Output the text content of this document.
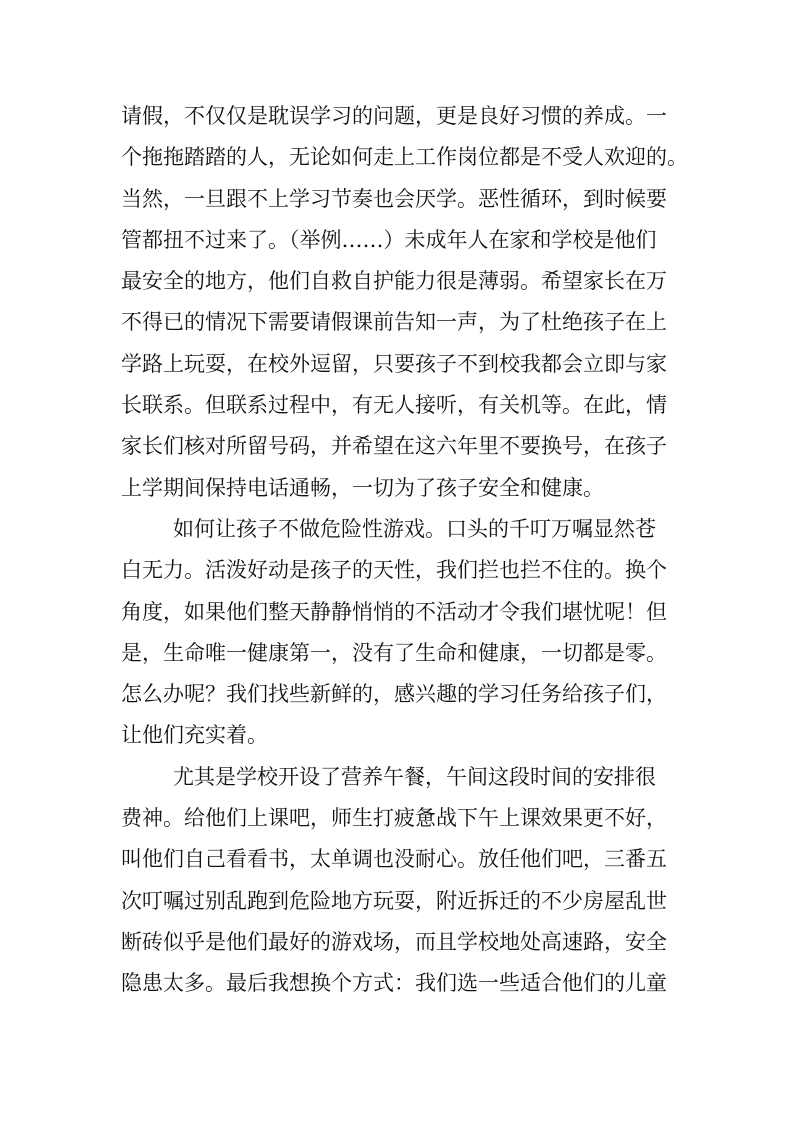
请假，不仅仅是耽误学习的问题，更是良好习惯的养成。一
个拖拖踏踏的人，无论如何走上工作岗位都是不受人欢迎的。
当然，一旦跟不上学习节奏也会厌学。恶性循环，到时候要
管都扭不过来了。（举例……）未成年人在家和学校是他们
最安全的地方，他们自救自护能力很是薄弱。希望家长在万
不得已的情况下需要请假课前告知一声，为了杜绝孩子在上
学路上玩耍，在校外逗留，只要孩子不到校我都会立即与家
长联系。但联系过程中，有无人接听，有关机等。在此，情
家长们核对所留号码，并希望在这六年里不要换号，在孩子
上学期间保持电话通畅，一切为了孩子安全和健康。
如何让孩子不做危险性游戏。口头的千叮万嘱显然苍
白无力。活泼好动是孩子的天性，我们拦也拦不住的。换个
角度，如果他们整天静静悄悄的不活动才令我们堪忧呢！但
是，生命唯一健康第一，没有了生命和健康，一切都是零。
怎么办呢？我们找些新鲜的，感兴趣的学习任务给孩子们，
让他们充实着。
尤其是学校开设了营养午餐，午间这段时间的安排很
费神。给他们上课吧，师生打疲惫战下午上课效果更不好，
叫他们自己看看书，太单调也没耐心。放任他们吧，三番五
次叮嘱过别乱跑到危险地方玩耍，附近拆迁的不少房屋乱世
断砖似乎是他们最好的游戏场，而且学校地处高速路，安全
隐患太多。最后我想换个方式：我们选一些适合他们的儿童
